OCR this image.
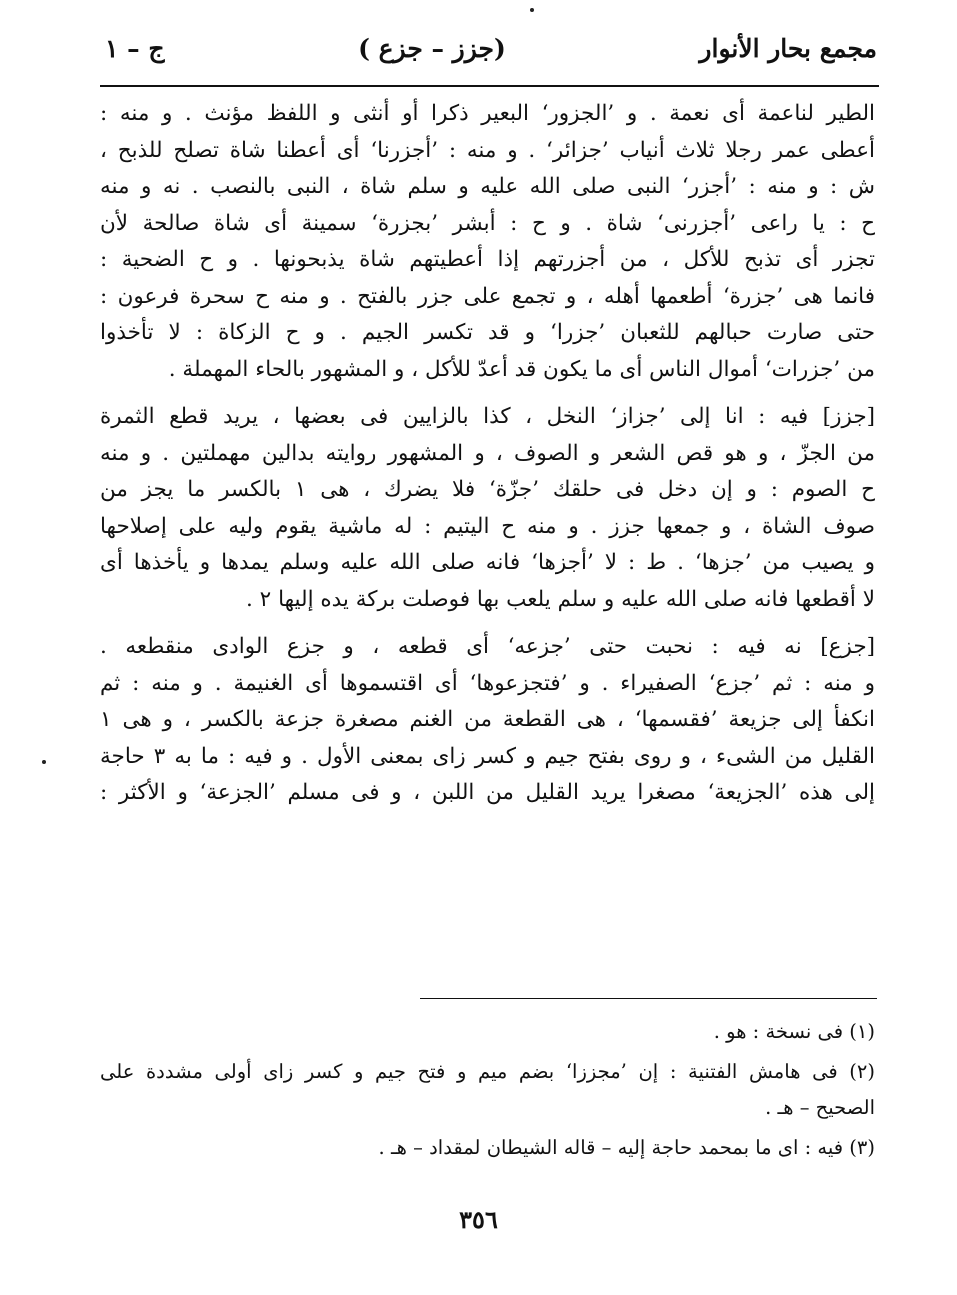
مجمع بحار الأنوار
(جزز – جزع )
ج – ١
الطير لناعمة أى نعمة . و ’الجزور‘ البعير ذكرا أو أنثى و اللفظ مؤنث . و منه :
أعطى عمر رجلا ثلاث أنياب ’جزائر‘ . و منه : ’أجزرنا‘ أى أعطنا شاة تصلح للذبح ،
ش : و منه : ’أجزر‘ النبى صلى الله عليه و سلم شاة ، النبى بالنصب . نه و منه
ح : يا راعى ’أجزرنى‘ شاة . و ح : أبشر ’بجزرة‘ سمينة أى شاة صالحة لأن
تجزر أى تذبح للأكل ، من أجزرتهم إذا أعطيتهم شاة يذبحونها . و ح الضحية :
فانما هى ’جزرة‘ أطعمها أهله ، و تجمع على جزر بالفتح . و منه ح سحرة فرعون :
حتى صارت حبالهم للثعبان ’جزرا‘ و قد تكسر الجيم . و ح الزكاة : لا تأخذوا
من ’جزرات‘ أموال الناس أى ما يكون قد أعدّ للأكل ، و المشهور بالحاء المهملة .
[جزز] فيه : انا إلى ’جزاز‘ النخل ، كذا بالزايين فى بعضها ، يريد قطع الثمرة
من الجزّ ، و هو قص الشعر و الصوف ، و المشهور روايته بدالين مهملتين . و منه
ح الصوم : و إن دخل فى حلقك ’جزّة‘ فلا يضرك ، هى ١ بالكسر ما يجز من
صوف الشاة ، و جمعها جزز . و منه ح اليتيم : له ماشية يقوم وليه على إصلاحها
و يصيب من ’جزها‘ . ط : لا ’أجزها‘ فانه صلى الله عليه وسلم يمدها و يأخذها أى
لا أقطعها فانه صلى الله عليه و سلم يلعب بها فوصلت بركة يده إليها ٢ .
[جزع] نه فيه : نحبت حتى ’جزعه‘ أى قطعه ، و جزع الوادى منقطعه .
و منه : ثم ’جزع‘ الصفيراء . و ’فتجزعوها‘ أى اقتسموها أى الغنيمة . و منه : ثم
انكفأ إلى جزيعة ’فقسمها‘ ، هى القطعة من الغنم مصغرة جزعة بالكسر ، و هى ١
القليل من الشىء ، و روى بفتح جيم و كسر زاى بمعنى الأول . و فيه : ما به ٣ حاجة
إلى هذه ’الجزيعة‘ مصغرا يريد القليل من اللبن ، و فى مسلم ’الجزعة‘ و الأكثر :
(١) فى نسخة : هو .
(٢) فى هامش الفتنية : إن ’مجززا‘ بضم ميم و فتح جيم و كسر زاى أولى مشددة على
الصحيح – هـ .
(٣) فيه : اى ما بمحمد حاجة إليه – قاله الشيطان لمقداد – هـ .
٣٥٦
